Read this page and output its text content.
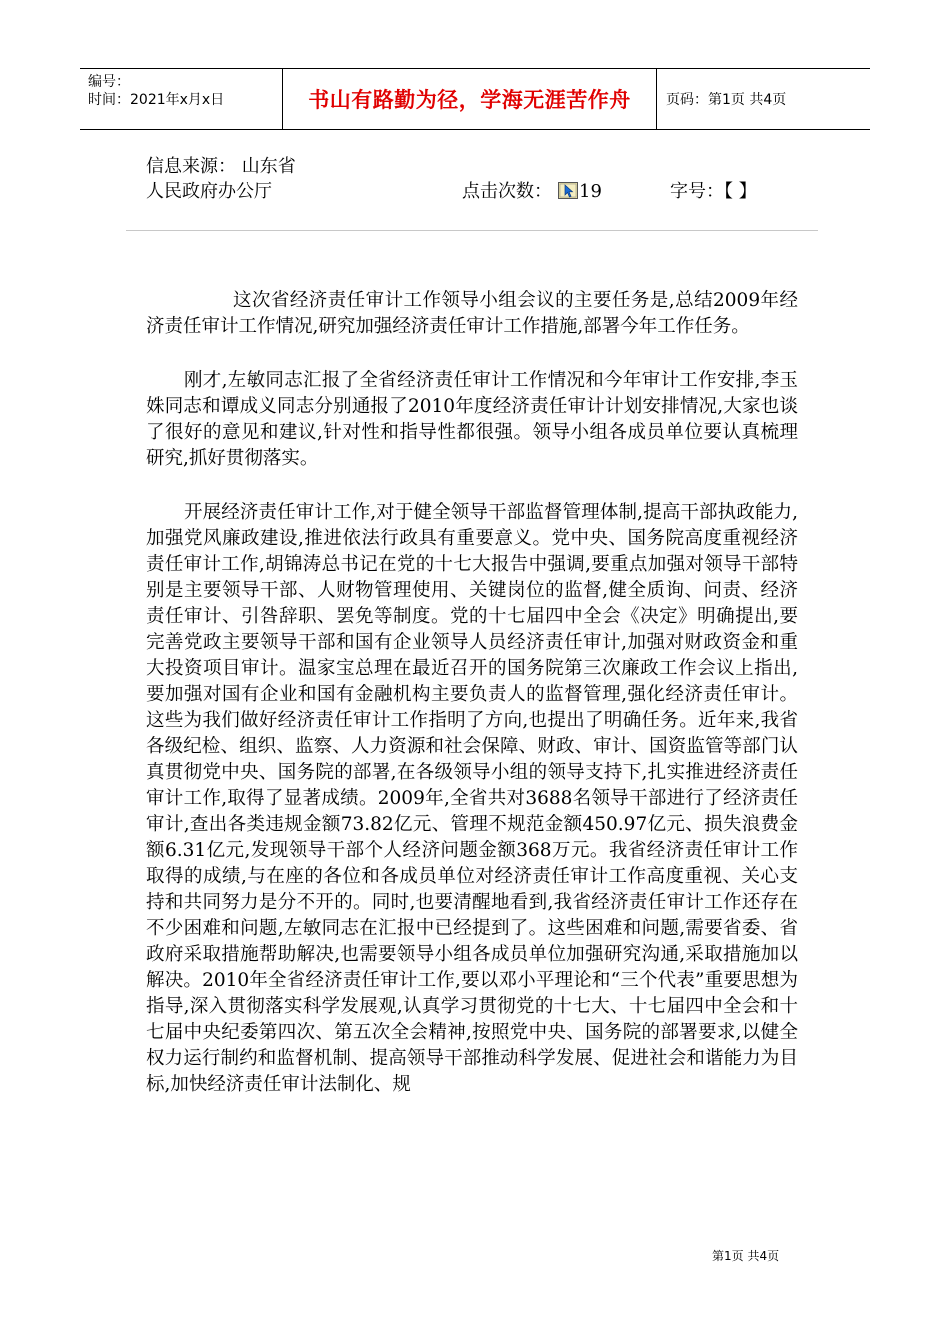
编号：
时间：2021年x月x日	书山有路勤为径，学海无涯苦作舟	页码：第1页 共4页
信息来源： 山东省人民政府办公厅	点击次数： 19	字号：【 】

这次省经济责任审计工作领导小组会议的主要任务是,总结2009年经济责任审计工作情况,研究加强经济责任审计工作措施,部署今年工作任务。

刚才,左敏同志汇报了全省经济责任审计工作情况和今年审计工作安排,李玉姝同志和谭成义同志分别通报了2010年度经济责任审计计划安排情况,大家也谈了很好的意见和建议,针对性和指导性都很强。领导小组各成员单位要认真梳理研究,抓好贯彻落实。

开展经济责任审计工作,对于健全领导干部监督管理体制,提高干部执政能力,加强党风廉政建设,推进依法行政具有重要意义。党中央、国务院高度重视经济责任审计工作,胡锦涛总书记在党的十七大报告中强调,要重点加强对领导干部特别是主要领导干部、人财物管理使用、关键岗位的监督,健全质询、问责、经济责任审计、引咎辞职、罢免等制度。党的十七届四中全会《决定》明确提出,要完善党政主要领导干部和国有企业领导人员经济责任审计,加强对财政资金和重大投资项目审计。温家宝总理在最近召开的国务院第三次廉政工作会议上指出,要加强对国有企业和国有金融机构主要负责人的监督管理,强化经济责任审计。这些为我们做好经济责任审计工作指明了方向,也提出了明确任务。近年来,我省各级纪检、组织、监察、人力资源和社会保障、财政、审计、国资监管等部门认真贯彻党中央、国务院的部署,在各级领导小组的领导支持下,扎实推进经济责任审计工作,取得了显著成绩。2009年,全省共对3688名领导干部进行了经济责任审计,查出各类违规金额73.82亿元、管理不规范金额450.97亿元、损失浪费金额6.31亿元,发现领导干部个人经济问题金额368万元。我省经济责任审计工作取得的成绩,与在座的各位和各成员单位对经济责任审计工作高度重视、关心支持和共同努力是分不开的。同时,也要清醒地看到,我省经济责任审计工作还存在不少困难和问题,左敏同志在汇报中已经提到了。这些困难和问题,需要省委、省政府采取措施帮助解决,也需要领导小组各成员单位加强研究沟通,采取措施加以解决。2010年全省经济责任审计工作,要以邓小平理论和“三个代表”重要思想为指导,深入贯彻落实科学发展观,认真学习贯彻党的十七大、十七届四中全会和十七届中央纪委第四次、第五次全会精神,按照党中央、国务院的部署要求,以健全权力运行制约和监督机制、提高领导干部推动科学发展、促进社会和谐能力为目标,加快经济责任审计法制化、规

第1页 共4页
